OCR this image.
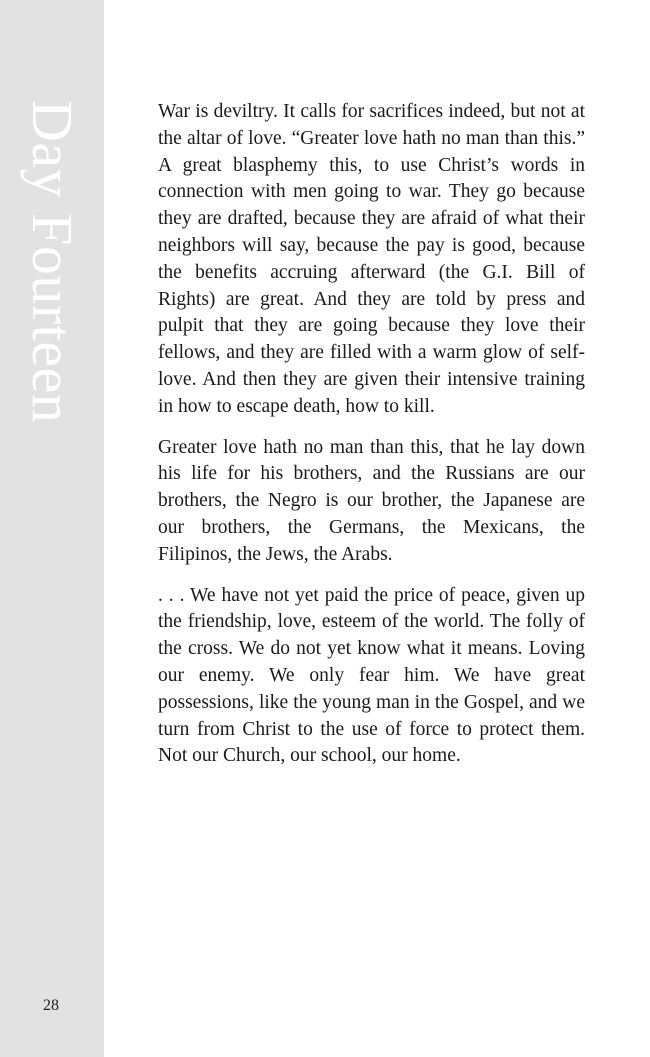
Day Fourteen
28

War is deviltry. It calls for sacrifices indeed, but not at the altar of love. “Greater love hath no man than this.” A great blasphemy this, to use Christ’s words in connection with men going to war. They go because they are drafted, because they are afraid of what their neighbors will say, because the pay is good, because the benefits accruing afterward (the G.I. Bill of Rights) are great. And they are told by press and pulpit that they are going because they love their fellows, and they are filled with a warm glow of self-love. And then they are given their intensive training in how to escape death, how to kill.

Greater love hath no man than this, that he lay down his life for his brothers, and the Russians are our brothers, the Negro is our brother, the Japanese are our brothers, the Germans, the Mexicans, the Filipinos, the Jews, the Arabs.

. . . We have not yet paid the price of peace, given up the friendship, love, esteem of the world. The folly of the cross. We do not yet know what it means. Loving our enemy. We only fear him. We have great possessions, like the young man in the Gospel, and we turn from Christ to the use of force to protect them. Not our Church, our school, our home.
